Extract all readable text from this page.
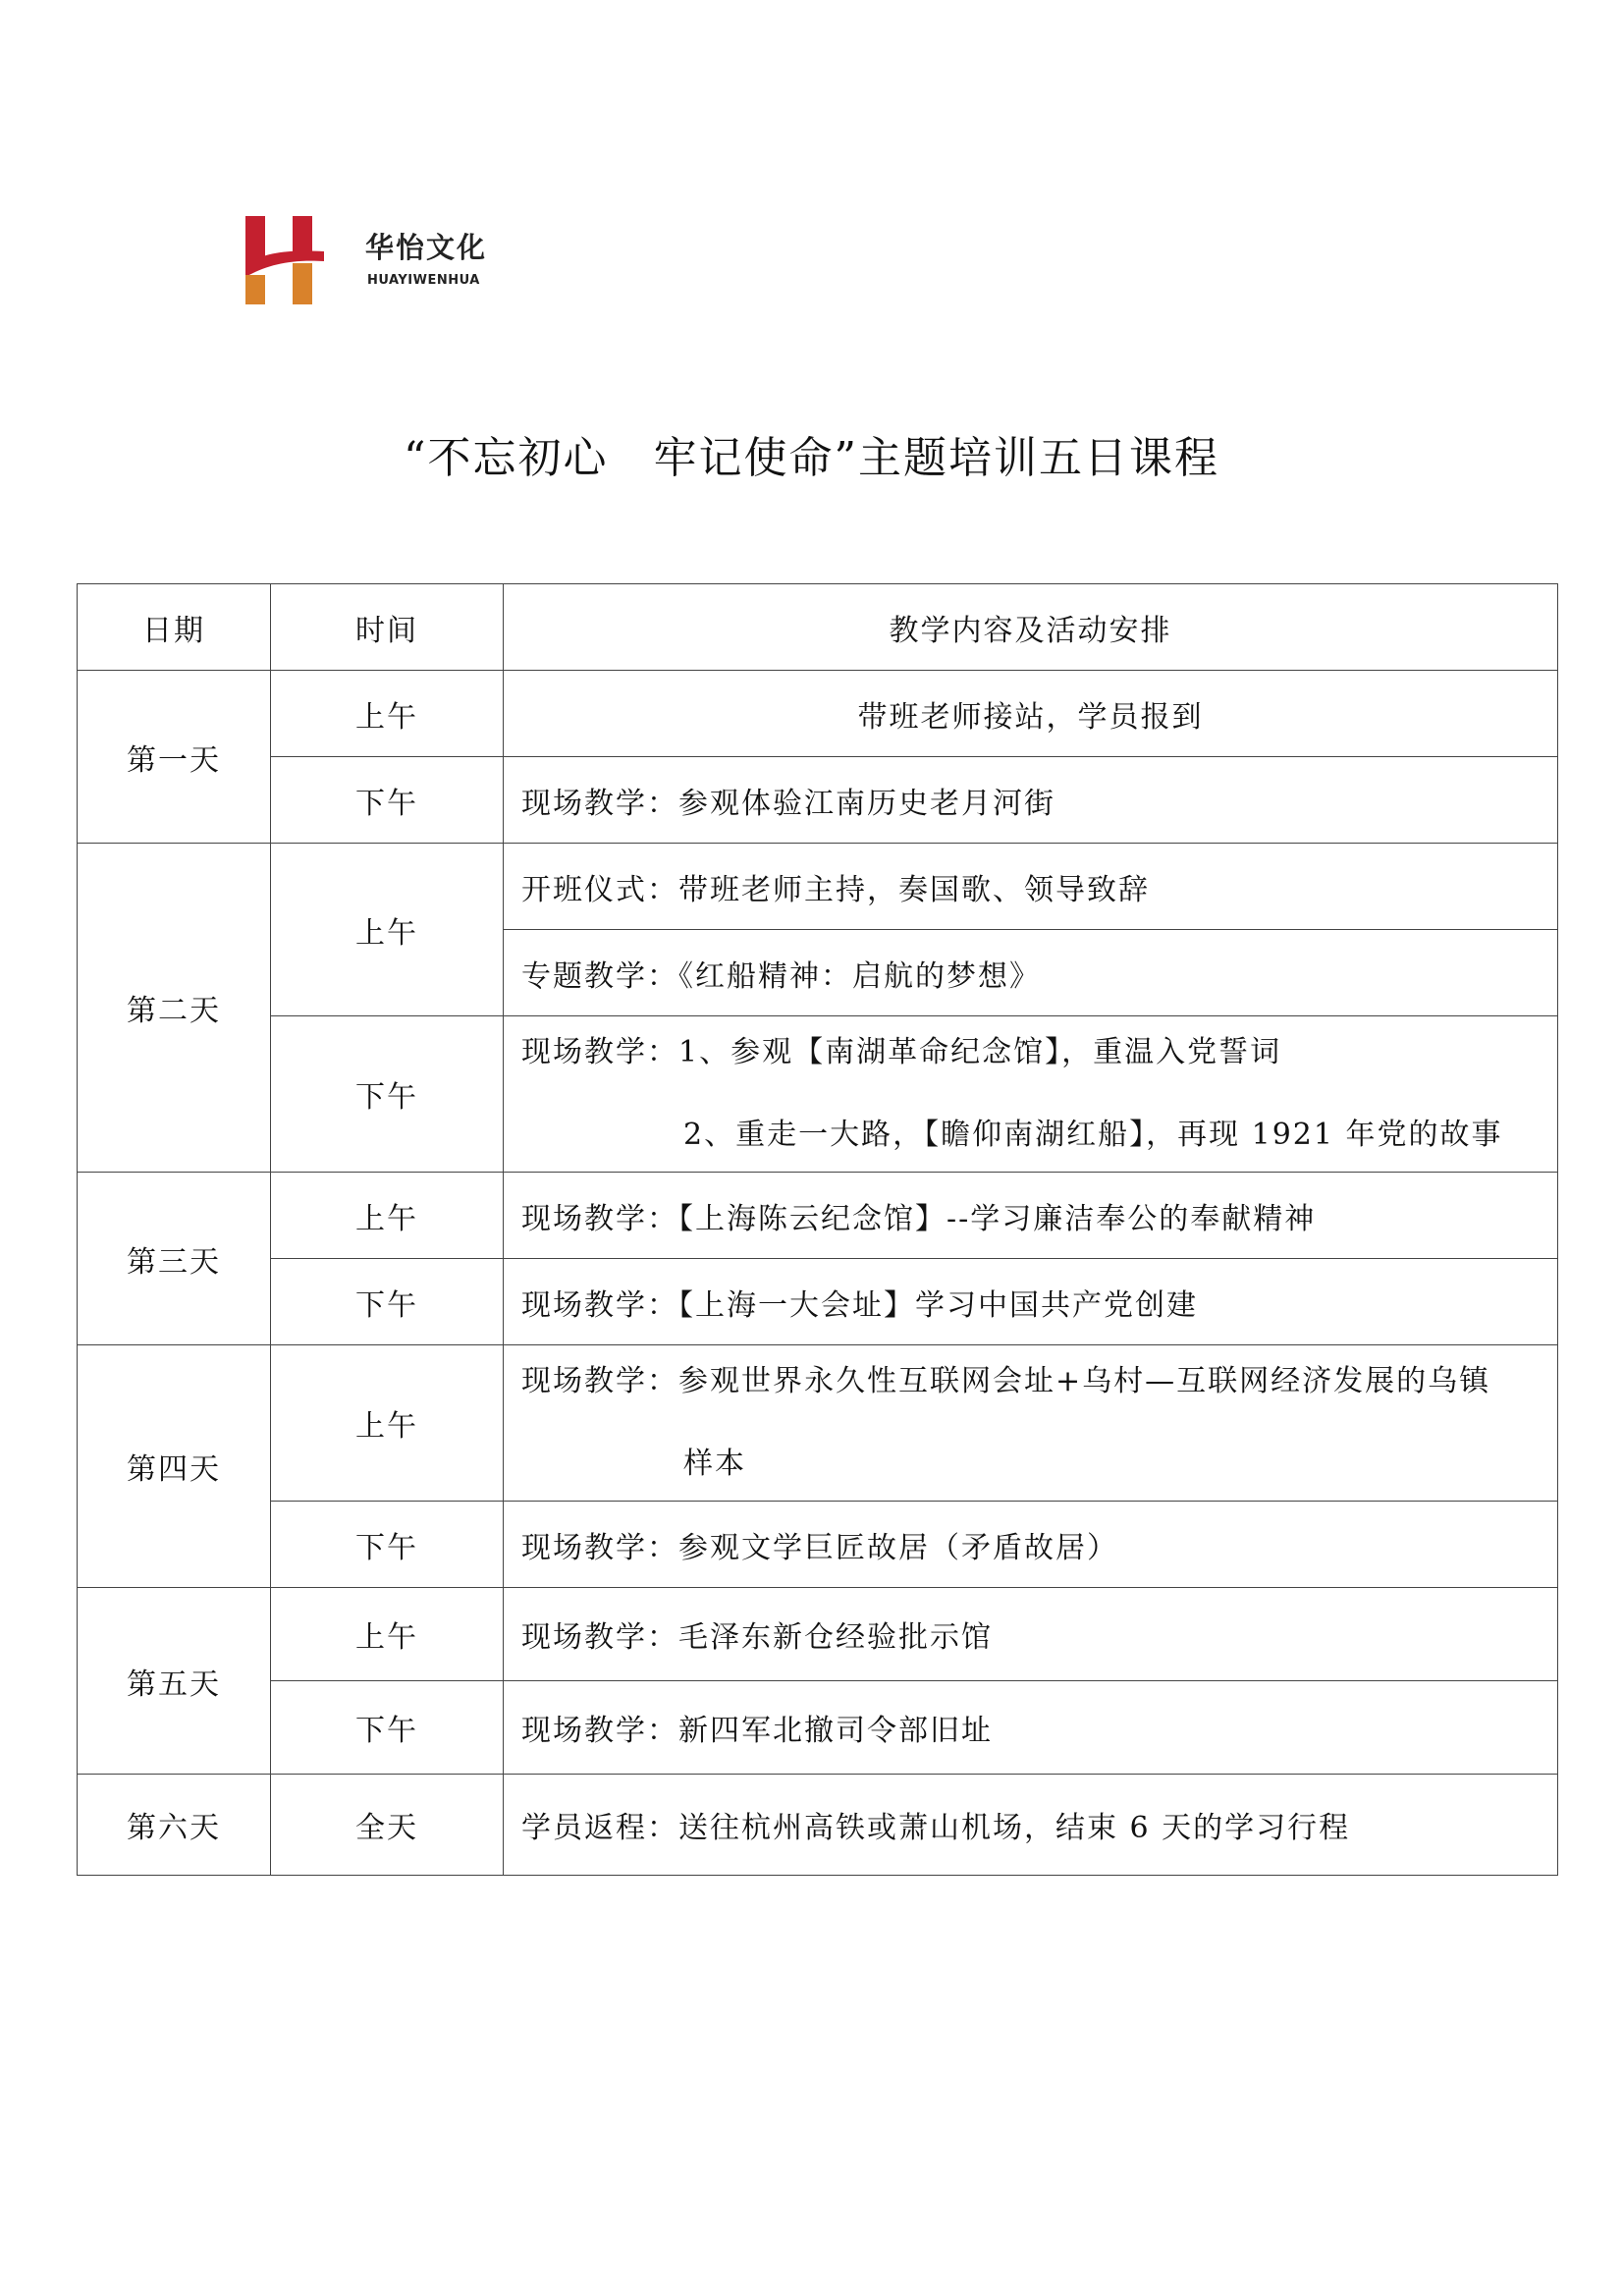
华怡文化
HUAYIWENHUA
“不忘初心　牢记使命”主题培训五日课程
日期	时间	教学内容及活动安排
第一天	上午	带班老师接站，学员报到
	下午	现场教学：参观体验江南历史老月河街
第二天	上午	开班仪式：带班老师主持，奏国歌、领导致辞
		专题教学：《红船精神：启航的梦想》
	下午	现场教学：1、参观【南湖革命纪念馆】，重温入党誓词
2、重走一大路，【瞻仰南湖红船】，再现 1921 年党的故事

第三天	上午	现场教学：【上海陈云纪念馆】--学习廉洁奉公的奉献精神
	下午	现场教学：【上海一大会址】学习中国共产党创建
第四天	上午	现场教学：参观世界永久性互联网会址+乌村—互联网经济发展的乌镇
样本

	下午	现场教学：参观文学巨匠故居（矛盾故居）
第五天	上午	现场教学：毛泽东新仓经验批示馆
	下午	现场教学：新四军北撤司令部旧址
第六天	全天	学员返程：送往杭州高铁或萧山机场，结束 6 天的学习行程
